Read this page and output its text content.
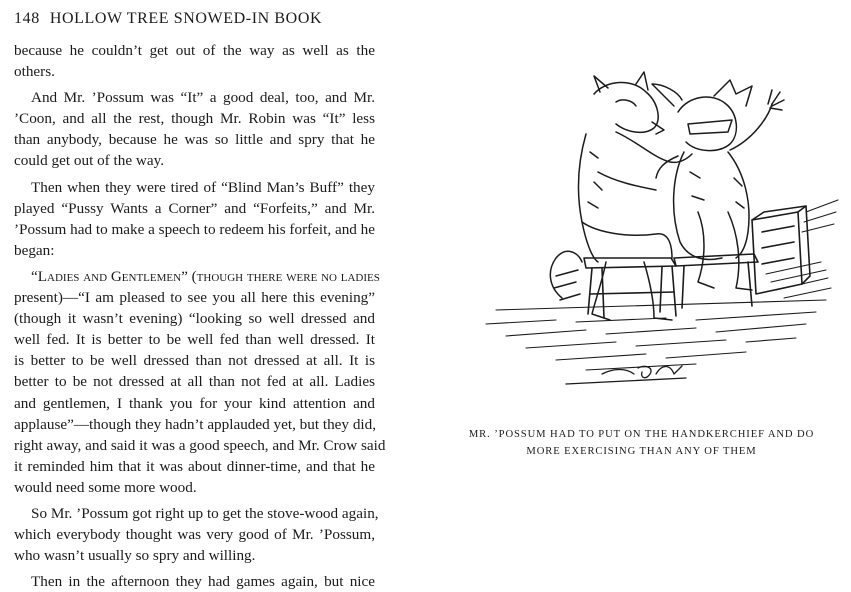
148 HOLLOW TREE SNOWED-IN BOOK
because he couldn’t get out of the way as well as the
others.
And Mr. ’Possum was “It” a good deal, too, and Mr.
’Coon, and all the rest, though Mr. Robin was “It” less
than anybody, because he was so little and spry that he
could get out of the way.
Then when they were tired of “Blind Man’s Buff” they
played “Pussy Wants a Corner” and “Forfeits,” and Mr.
’Possum had to make a speech to redeem his forfeit, and he
began:
“Ladies and Gentlemen” (though there were no ladies
present)—“I am pleased to see you all here this evening”
(though it wasn’t evening) “looking so well dressed and
well fed. It is better to be well fed than well dressed. It
is better to be well dressed than not dressed at all. It is
better to be not dressed at all than not fed at all. Ladies
and gentlemen, I thank you for your kind attention and
applause”—though they hadn’t applauded yet, but they did,
right away, and said it was a good speech, and Mr. Crow said
it reminded him that it was about dinner-time, and that he
would need some more wood.
So Mr. ’Possum got right up to get the stove-wood again,
which everybody thought was very good of Mr. ’Possum,
who wasn’t usually so spry and willing.
Then in the afternoon they had games again, but nice
MR. ’POSSUM HAD TO PUT ON THE HANDKERCHIEF AND DO
MORE EXERCISING THAN ANY OF THEM
